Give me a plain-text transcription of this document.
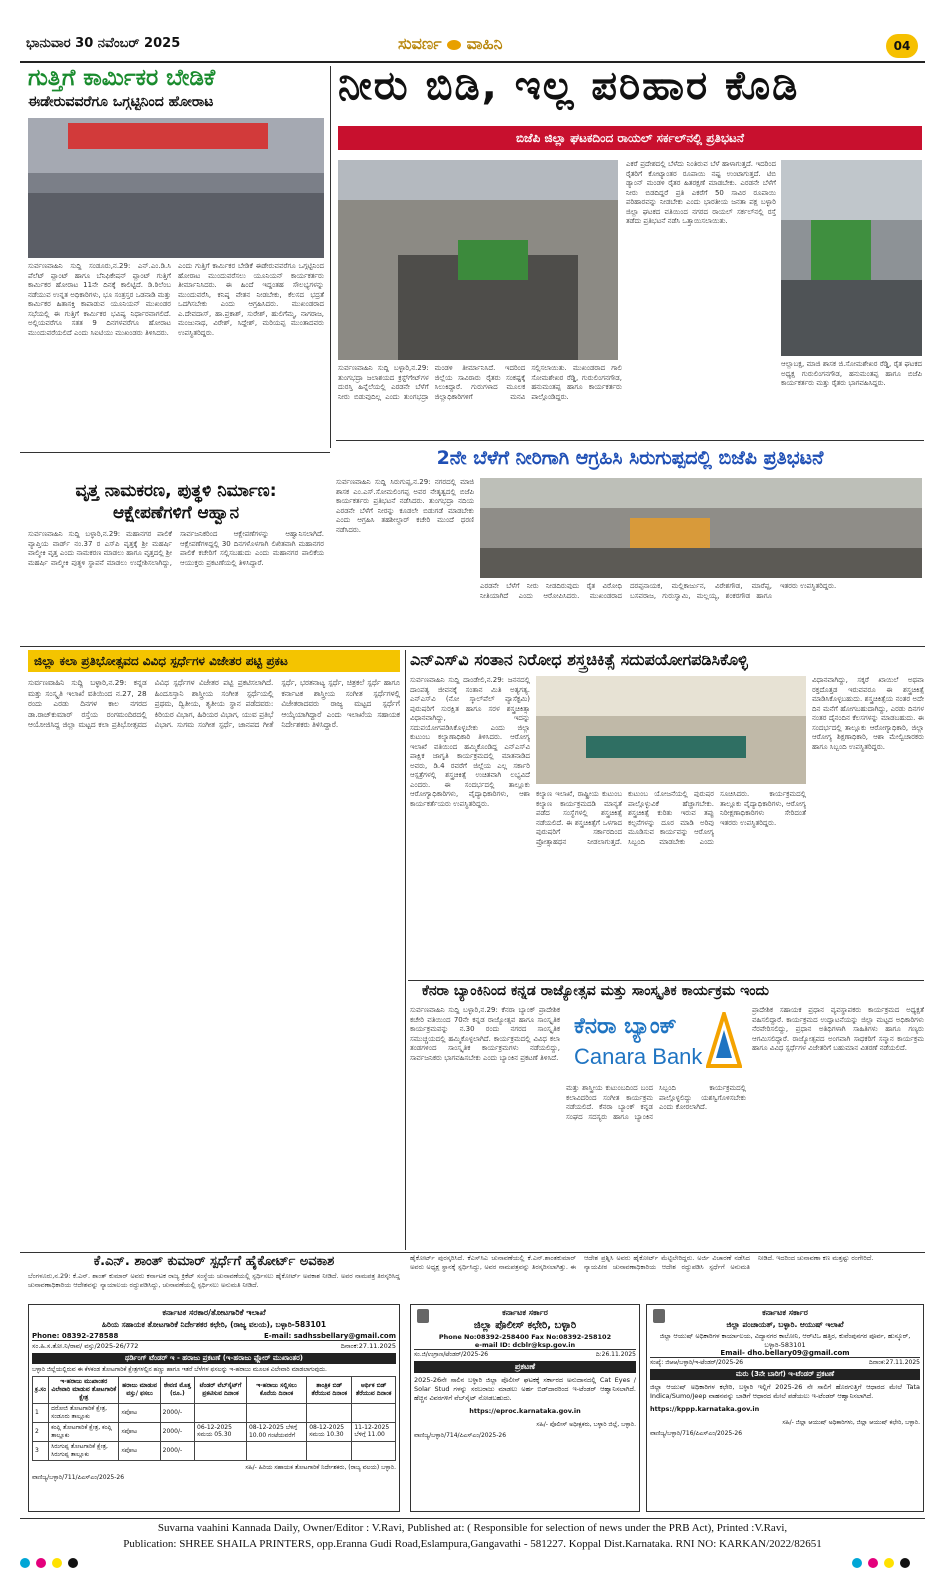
ಭಾನುವಾರ 30 ನವೆಂಬರ್ 2025	ಸುವರ್ಣ ವಾಹಿನಿ	04
ಗುತ್ತಿಗೆ ಕಾರ್ಮಿಕರ ಬೇಡಿಕೆ
ಈಡೇರುವವರೆಗೂ ಒಗ್ಗಟ್ಟಿನಿಂದ ಹೋರಾಟ
ಸುರ್ವಣವಾಹಿನಿ ಸುದ್ದಿ ಸಂಡೂರು,ನ.29: ಎನ್.ಎಂ.ಡಿ.ಸಿ ಪೆಲೆಟ್ ಪ್ಲಾಂಟ್ ಹಾಗೂ ಬೆನಿಫಿಕೇಷನ್ ಪ್ಲಾಂಟ್ ಗುತ್ತಿಗೆ ಕಾರ್ಮಿಕರ ಹೋರಾಟ 11ನೇ ದಿನಕ್ಕೆ ಕಾಲಿಟ್ಟಿದೆ. ಡಿ.ಠಿಲೆಂಬ ನಡೆಯುವ ಉನ್ನತ ಅಧಿಕಾರಿಗಳು, ಭೂ ಸಂತ್ರಸ್ತರ ಒಡನಾಡಿ ಮತ್ತು ಕಾರ್ಮಿಕರ ಹಿತಾಸಕ್ತಿ ಕಾಪಾಡುವ ಯೂನಿಯನ್ ಮುಖಂಡರ ಸಭೆಯಲ್ಲಿ ಈ ಗುತ್ತಿಗೆ ಕಾರ್ಮಿಕರ ಭವಿಷ್ಯ ನಿರ್ಧಾರವಾಗಲಿದೆ. ಅಲ್ಲಿಯವರೆಗೂ ಸತತ 9 ದಿನಗಳವರೆಗೂ ಹೋರಾಟ ಮುಂದುವರೆಯಲಿದೆ ಎಂದು ಸಿಐಟಿಯು ಮುಖಂಡರು ತಿಳಿಸಿದರು.
ಎಂದು ಗುತ್ತಿಗೆ ಕಾರ್ಮಿಕರ ಬೇಡಿಕೆ ಈಡೇರುವವರೆಗೂ ಒಗ್ಗಟ್ಟಿನಿಂದ ಹೋರಾಟ ಮುಂದುವರೆಸಲು ಯೂನಿಯನ್ ಕಾರ್ಯಕರ್ತರು ತೀರ್ಮಾನಿಸಿದರು. ಈ ಹಿಂದೆ ಇದ್ದಂತಹ ಸೌಲಭ್ಯಗಳನ್ನು ಮುಂದುವರೆಸಿ, ಕನಿಷ್ಠ ವೇತನ ನೀಡಬೇಕು, ಕೆಲಸದ ಭದ್ರತೆ ಒದಗಿಸಬೇಕು ಎಂದು ಆಗ್ರಹಿಸಿದರು. ಮುಖಂಡರಾದ ಎ.ದೇವದಾಸ್, ಹಾ.ಪ್ರಕಾಶ್, ಸುರೇಶ್, ಹುಲಿಗೆಮ್ಮ, ನಾಗರಾಜ, ಮಂಜುನಾಥ, ವಿರೇಶ್, ಸಿದ್ದೇಶ್, ಮರಿಯಪ್ಪ ಮುಂತಾದವರು ಉಪಸ್ಥಿತರಿದ್ದರು.
ನೀರು ಬಿಡಿ, ಇಲ್ಲ ಪರಿಹಾರ ಕೊಡಿ
ಬಿಜೆಪಿ ಜಿಲ್ಲಾ ಘಟಕದಿಂದ ರಾಯಲ್ ಸರ್ಕಲ್‌ನಲ್ಲಿ ಪ್ರತಿಭಟನೆ
ಎಕರೆ ಪ್ರದೇಶದಲ್ಲಿ ಬೆಳೆದು ನಿಂತಿರುವ ಬೆಳೆ ಹಾಳಾಗುತ್ತದೆ. ಇದರಿಂದ ರೈತರಿಗೆ ಕೋಟ್ಯಾಂತರ ರೂಪಾಯಿ ನಷ್ಟ ಉಂಟಾಗುತ್ತದೆ. ಟಿಬಿ ಡ್ಯಾಂನ್ ಮಂಡಳಿ ರೈತರ ಹಿತರಕ್ಷಣೆ ಮಾಡಬೇಕು. ಎರಡನೇ ಬೆಳೆಗೆ ನೀರು ಬಿಡದಿದ್ದರೆ ಪ್ರತಿ ಎಕರೆಗೆ 50 ಸಾವಿರ ರೂಪಾಯಿ ಪರಿಹಾರವನ್ನು ನೀಡಬೇಕು ಎಂದು ಭಾರತೀಯ ಜನತಾ ಪಕ್ಷ ಬಳ್ಳಾರಿ ಜಿಲ್ಲಾ ಘಟಕದ ವತಿಯಿಂದ ನಗರದ ರಾಯಲ್ ಸರ್ಕಲ್‌ನಲ್ಲಿ ರಸ್ತೆ ತಡೆದು ಪ್ರತಿಭಟನೆ ನಡೆಸಿ ಒತ್ತಾಯಿಸಲಾಯಿತು.
ಸುರ್ವಣವಾಹಿನಿ ಸುದ್ದಿ ಬಳ್ಳಾರಿ,ನ.29: ತುಂಗಭದ್ರಾ ಜಲಾಶಯದ ಕ್ರಸ್ಟ್‌ಗೇಟ್‌ಗಳ ದುರಸ್ತಿ ಹಿನ್ನೆಲೆಯಲ್ಲಿ ಎರಡನೇ ಬೆಳೆಗೆ ನೀರು ಬಿಡುವುದಿಲ್ಲ ಎಂದು ತುಂಗಭದ್ರಾ ಮಂಡಳಿ ತೀರ್ಮಾನಿಸಿದೆ. ಇದರಿಂದ ಜಿಲ್ಲೆಯ ಸಾವಿರಾರು ರೈತರು ಸಂಕಷ್ಟಕ್ಕೆ ಸಿಲುಕಿದ್ದಾರೆ. ಗುರುಗಳಾದ ಮೂಲಕ ಜಿಲ್ಲಾಧಿಕಾರಿಗಳಿಗೆ ಮನವಿ ಸಲ್ಲಿಸಲಾಯಿತು. ಮುಖಂಡರಾದ ಗಾಲಿ ಸೋಮಶೇಖರ ರೆಡ್ಡಿ, ಗುರುಲಿಂಗನಗೌಡ, ಹನುಮಂತಪ್ಪ ಹಾಗೂ ಕಾರ್ಯಕರ್ತರು ಪಾಲ್ಗೊಂಡಿದ್ದರು.
ಆಲ್ಲಾಬಕ್ಷ, ಮಾಜಿ ಶಾಸಕ ಜಿ.ಸೋಮಶೇಖರ ರೆಡ್ಡಿ, ರೈತ ಘಟಕದ ಅಧ್ಯಕ್ಷ ಗುರುಲಿಂಗನಗೌಡ, ಹನುಮಂತಪ್ಪ ಹಾಗೂ ಬಿಜೆಪಿ ಕಾರ್ಯಕರ್ತರು ಮತ್ತು ರೈತರು ಭಾಗವಹಿಸಿದ್ದರು.
2ನೇ ಬೆಳೆಗೆ ನೀರಿಗಾಗಿ ಆಗ್ರಹಿಸಿ ಸಿರುಗುಪ್ಪದಲ್ಲಿ ಬಿಜೆಪಿ ಪ್ರತಿಭಟನೆ
ಸುರ್ವಣವಾಹಿನಿ ಸುದ್ದಿ ಸಿರುಗುಪ್ಪ,ನ.29: ನಗರದಲ್ಲಿ ಮಾಜಿ ಶಾಸಕ ಎಂ.ಎಸ್.ಸೋಮಲಿಂಗಪ್ಪ ಅವರ ನೇತೃತ್ವದಲ್ಲಿ ಬಿಜೆಪಿ ಕಾರ್ಯಕರ್ತರು ಪ್ರತಿಭಟನೆ ನಡೆಸಿದರು. ತುಂಗಭದ್ರಾ ನದಿಯ ಎರಡನೇ ಬೆಳೆಗೆ ನೀರನ್ನು ಕೂಡಲೇ ಬಿಡುಗಡೆ ಮಾಡಬೇಕು ಎಂದು ಆಗ್ರಹಿಸಿ ತಹಶೀಲ್ದಾರ್ ಕಚೇರಿ ಮುಂದೆ ಧರಣಿ ನಡೆಸಿದರು.
ಎರಡನೇ ಬೆಳೆಗೆ ನೀರು ನೀಡದಿರುವುದು ರೈತ ವಿರೋಧಿ ನೀತಿಯಾಗಿದೆ ಎಂದು ಆರೋಪಿಸಿದರು. ಮುಖಂಡರಾದ ದರಪ್ಪನಾಯಕ, ಮಲ್ಲಿಕಾರ್ಜುನ, ವಿರೇಶಗೌಡ, ಮಾರೆಪ್ಪ, ಬಸವರಾಜ, ಗುರುಸ್ವಾಮಿ, ಮಲ್ಲಯ್ಯ, ಶಂಕರಗೌಡ ಹಾಗೂ ಇತರರು ಉಪಸ್ಥಿತರಿದ್ದರು.
ವೃತ್ತ ನಾಮಕರಣ, ಪುತ್ಥಳಿ ನಿರ್ಮಾಣ:
ಆಕ್ಷೇಪಣೆಗಳಿಗೆ ಆಹ್ವಾನ
ಸುರ್ವಣವಾಹಿನಿ ಸುದ್ದಿ ಬಳ್ಳಾರಿ,ನ.29: ಮಹಾನಗರ ಪಾಲಿಕೆ ವ್ಯಾಪ್ತಿಯ ವಾರ್ಡ್ ನಂ.37 ರ ಎಸ್‌ಪಿ ವೃತ್ತಕ್ಕೆ ಶ್ರೀ ಮಹರ್ಷಿ ವಾಲ್ಮೀಕಿ ವೃತ್ತ ಎಂದು ನಾಮಕರಣ ಮಾಡಲು ಹಾಗೂ ವೃತ್ತದಲ್ಲಿ ಶ್ರೀ ಮಹರ್ಷಿ ವಾಲ್ಮೀಕಿ ಪುತ್ಥಳಿ ಸ್ಥಾಪನೆ ಮಾಡಲು ಉದ್ದೇಶಿಸಲಾಗಿದ್ದು, ಸಾರ್ವಜನಿಕರಿಂದ ಆಕ್ಷೇಪಣೆಗಳನ್ನು ಆಹ್ವಾನಿಸಲಾಗಿದೆ. ಆಕ್ಷೇಪಣೆಗಳಿದ್ದಲ್ಲಿ 30 ದಿನಗಳೊಳಗಾಗಿ ಲಿಖಿತವಾಗಿ ಮಹಾನಗರ ಪಾಲಿಕೆ ಕಚೇರಿಗೆ ಸಲ್ಲಿಸಬಹುದು ಎಂದು ಮಹಾನಗರ ಪಾಲಿಕೆಯ ಆಯುಕ್ತರು ಪ್ರಕಟಣೆಯಲ್ಲಿ ತಿಳಿಸಿದ್ದಾರೆ.
ಜಿಲ್ಲಾ ಕಲಾ ಪ್ರತಿಭೋತ್ಸವದ ವಿವಿಧ ಸ್ಪರ್ಧೆಗಳ ವಿಜೇತರ ಪಟ್ಟಿ ಪ್ರಕಟ
ಸುರ್ವಣವಾಹಿನಿ ಸುದ್ದಿ ಬಳ್ಳಾರಿ,ನ.29: ಕನ್ನಡ ಮತ್ತು ಸಂಸ್ಕೃತಿ ಇಲಾಖೆ ವತಿಯಿಂದ ನ.27, 28 ರಂದು ಎರಡು ದಿನಗಳ ಕಾಲ ನಗರದ ಡಾ.ರಾಜ್‌ಕುಮಾರ್ ರಸ್ತೆಯ ರಂಗಮಂದಿರದಲ್ಲಿ ಆಯೋಜಿಸಿದ್ದ ಜಿಲ್ಲಾ ಮಟ್ಟದ ಕಲಾ ಪ್ರತಿಭೋತ್ಸವದ ವಿವಿಧ ಸ್ಪರ್ಧೆಗಳ ವಿಜೇತರ ಪಟ್ಟಿ ಪ್ರಕಟಿಸಲಾಗಿದೆ. ಹಿಂದೂಸ್ತಾನಿ ಶಾಸ್ತ್ರೀಯ ಸಂಗೀತ ಸ್ಪರ್ಧೆಯಲ್ಲಿ ಪ್ರಥಮ, ದ್ವಿತೀಯ, ತೃತೀಯ ಸ್ಥಾನ ಪಡೆದವರು: ಕಿರಿಯರ ವಿಭಾಗ, ಹಿರಿಯರ ವಿಭಾಗ, ಯುವ ಪ್ರತಿಭೆ ವಿಭಾಗ. ಸುಗಮ ಸಂಗೀತ ಸ್ಪರ್ಧೆ, ಜಾನಪದ ಗೀತೆ ಸ್ಪರ್ಧೆ, ಭರತನಾಟ್ಯ ಸ್ಪರ್ಧೆ, ಚಿತ್ರಕಲೆ ಸ್ಪರ್ಧೆ ಹಾಗೂ ಕರ್ನಾಟಕ ಶಾಸ್ತ್ರೀಯ ಸಂಗೀತ ಸ್ಪರ್ಧೆಗಳಲ್ಲಿ ವಿಜೇತರಾದವರು ರಾಜ್ಯ ಮಟ್ಟದ ಸ್ಪರ್ಧೆಗೆ ಆಯ್ಕೆಯಾಗಿದ್ದಾರೆ ಎಂದು ಇಲಾಖೆಯ ಸಹಾಯಕ ನಿರ್ದೇಶಕರು ತಿಳಿಸಿದ್ದಾರೆ.
ಎನ್‌ಎಸ್‌ವಿ ಸಂತಾನ ನಿರೋಧ ಶಸ್ತ್ರಚಿಕಿತ್ಸೆ ಸದುಪಯೋಗಪಡಿಸಿಕೊಳ್ಳಿ
ಸುರ್ವಣವಾಹಿನಿ ಸುದ್ದಿ ದಾಂಡೇಲಿ,ನ.29: ಜನನದಲ್ಲಿ ದಾಂಪತ್ಯ ಜೀವನಕ್ಕೆ ಸಂತಾನ ಮಿತಿ ಅತ್ಯಗತ್ಯ. ಎನ್‌ಎಸ್‌ವಿ (ನೋ ಸ್ಕಾಲ್‌ಪೆಲ್ ವ್ಯಾಸೆಕ್ಟಮಿ) ಪುರುಷರಿಗೆ ಸುರಕ್ಷಿತ ಹಾಗೂ ಸರಳ ಶಸ್ತ್ರಚಿಕಿತ್ಸಾ ವಿಧಾನವಾಗಿದ್ದು, ಇದನ್ನು ಸದುಪಯೋಗಪಡಿಸಿಕೊಳ್ಳಬೇಕು ಎಂದು ಜಿಲ್ಲಾ ಕುಟುಂಬ ಕಲ್ಯಾಣಾಧಿಕಾರಿ ತಿಳಿಸಿದರು. ಆರೋಗ್ಯ ಇಲಾಖೆ ವತಿಯಿಂದ ಹಮ್ಮಿಕೊಂಡಿದ್ದ ಎನ್‌ಎಸ್‌ವಿ ಪಾಕ್ಷಿಕ ಜಾಗೃತಿ ಕಾರ್ಯಕ್ರಮದಲ್ಲಿ ಮಾತನಾಡಿದ ಅವರು, ಡಿ.4 ರವರೆಗೆ ಜಿಲ್ಲೆಯ ಎಲ್ಲ ಸರ್ಕಾರಿ ಆಸ್ಪತ್ರೆಗಳಲ್ಲಿ ಶಸ್ತ್ರಚಿಕಿತ್ಸೆ ಉಚಿತವಾಗಿ ಲಭ್ಯವಿದೆ ಎಂದರು. ಈ ಸಂದರ್ಭದಲ್ಲಿ ತಾಲ್ಲೂಕು ಆರೋಗ್ಯಾಧಿಕಾರಿಗಳು, ವೈದ್ಯಾಧಿಕಾರಿಗಳು, ಆಶಾ ಕಾರ್ಯಕರ್ತೆಯರು ಉಪಸ್ಥಿತರಿದ್ದರು.
ಕಲ್ಯಾಣ ಇಲಾಖೆ, ರಾಷ್ಟ್ರೀಯ ಕುಟುಂಬ ಕಲ್ಯಾಣ ಕಾರ್ಯಕ್ರಮದಡಿ ಮಾನ್ಯತೆ ಪಡೆದ ಸಂಸ್ಥೆಗಳಲ್ಲಿ ಶಸ್ತ್ರಚಿಕಿತ್ಸೆ ನಡೆಯಲಿದೆ. ಈ ಶಸ್ತ್ರಚಿಕಿತ್ಸೆಗೆ ಒಳಗಾದ ಪುರುಷರಿಗೆ ಸರ್ಕಾರದಿಂದ ಪ್ರೋತ್ಸಾಹಧನ ನೀಡಲಾಗುತ್ತದೆ. ಕುಟುಂಬ ಯೋಜನೆಯಲ್ಲಿ ಪುರುಷರ ಪಾಲ್ಗೊಳ್ಳುವಿಕೆ ಹೆಚ್ಚಾಗಬೇಕು. ಶಸ್ತ್ರಚಿಕಿತ್ಸೆ ಕುರಿತು ಇರುವ ತಪ್ಪು ಕಲ್ಪನೆಗಳನ್ನು ದೂರ ಮಾಡಿ ಅರಿವು ಮೂಡಿಸುವ ಕಾರ್ಯವನ್ನು ಆರೋಗ್ಯ ಸಿಬ್ಬಂದಿ ಮಾಡಬೇಕು ಎಂದು ಸೂಚಿಸಿದರು. ಕಾರ್ಯಕ್ರಮದಲ್ಲಿ ತಾಲ್ಲೂಕು ವೈದ್ಯಾಧಿಕಾರಿಗಳು, ಆರೋಗ್ಯ ನಿರೀಕ್ಷಣಾಧಿಕಾರಿಗಳು ಸೇರಿದಂತೆ ಇತರರು ಉಪಸ್ಥಿತರಿದ್ದರು.
ವಿಧಾನವಾಗಿದ್ದು, ಸಕ್ಕರೆ ಖಾಯಿಲೆ ಅಥವಾ ರಕ್ತದೊತ್ತಡ ಇರುವವರೂ ಈ ಶಸ್ತ್ರಚಿಕಿತ್ಸೆ ಮಾಡಿಸಿಕೊಳ್ಳಬಹುದು. ಶಸ್ತ್ರಚಿಕಿತ್ಸೆಯ ನಂತರ ಅದೇ ದಿನ ಮನೆಗೆ ಹೋಗಬಹುದಾಗಿದ್ದು, ಎರಡು ದಿನಗಳ ನಂತರ ದೈನಂದಿನ ಕೆಲಸಗಳನ್ನು ಮಾಡಬಹುದು. ಈ ಸಂದರ್ಭದಲ್ಲಿ ತಾಲ್ಲೂಕು ಆರೋಗ್ಯಾಧಿಕಾರಿ, ಜಿಲ್ಲಾ ಆರೋಗ್ಯ ಶಿಕ್ಷಣಾಧಿಕಾರಿ, ಆಶಾ ಮೇಲ್ವಿಚಾರಕರು ಹಾಗೂ ಸಿಬ್ಬಂದಿ ಉಪಸ್ಥಿತರಿದ್ದರು.
ಕೆನರಾ ಬ್ಯಾಂಕಿನಿಂದ ಕನ್ನಡ ರಾಜ್ಯೋತ್ಸವ ಮತ್ತು ಸಾಂಸ್ಕೃತಿಕ ಕಾರ್ಯಕ್ರಮ ಇಂದು
ಸುರ್ವಣವಾಹಿನಿ ಸುದ್ದಿ ಬಳ್ಳಾರಿ,ನ.29: ಕೆನರಾ ಬ್ಯಾಂಕ್ ಪ್ರಾದೇಶಿಕ ಕಚೇರಿ ವತಿಯಿಂದ 70ನೇ ಕನ್ನಡ ರಾಜ್ಯೋತ್ಸವ ಹಾಗೂ ಸಾಂಸ್ಕೃತಿಕ ಕಾರ್ಯಕ್ರಮವನ್ನು ನ.30 ರಂದು ನಗರದ ಸಾಂಸ್ಕೃತಿಕ ಸಮುಚ್ಚಯದಲ್ಲಿ ಹಮ್ಮಿಕೊಳ್ಳಲಾಗಿದೆ. ಕಾರ್ಯಕ್ರಮದಲ್ಲಿ ವಿವಿಧ ಕಲಾ ತಂಡಗಳಿಂದ ಸಾಂಸ್ಕೃತಿಕ ಕಾರ್ಯಕ್ರಮಗಳು ನಡೆಯಲಿದ್ದು, ಸಾರ್ವಜನಿಕರು ಭಾಗವಹಿಸಬೇಕು ಎಂದು ಬ್ಯಾಂಕಿನ ಪ್ರಕಟಣೆ ತಿಳಿಸಿದೆ.
ಕೆನರಾ ಬ್ಯಾಂಕ್
Canara Bank
ಮತ್ತು ಶಾಸ್ತ್ರೀಯ ಕುಟುಂಬದಿಂದ ಬಂದ ಕಲಾವಿದರಿಂದ ಸಂಗೀತ ಕಾರ್ಯಕ್ರಮ ನಡೆಯಲಿದೆ. ಕೆನರಾ ಬ್ಯಾಂಕ್ ಕನ್ನಡ ಸಂಘದ ಸದಸ್ಯರು ಹಾಗೂ ಬ್ಯಾಂಕಿನ ಸಿಬ್ಬಂದಿ ಕಾರ್ಯಕ್ರಮದಲ್ಲಿ ಪಾಲ್ಗೊಳ್ಳಲಿದ್ದು ಯಶಸ್ವಿಗೊಳಿಸಬೇಕು ಎಂದು ಕೋರಲಾಗಿದೆ.
ಪ್ರಾದೇಶಿಕ ಸಹಾಯಕ ಪ್ರಧಾನ ವ್ಯವಸ್ಥಾಪಕರು ಕಾರ್ಯಕ್ರಮದ ಅಧ್ಯಕ್ಷತೆ ವಹಿಸಲಿದ್ದಾರೆ. ಕಾರ್ಯಕ್ರಮದ ಉದ್ಘಾಟನೆಯನ್ನು ಜಿಲ್ಲಾ ಮಟ್ಟದ ಅಧಿಕಾರಿಗಳು ನೆರವೇರಿಸಲಿದ್ದು, ಪ್ರಧಾನ ಅತಿಥಿಗಳಾಗಿ ಸಾಹಿತಿಗಳು ಹಾಗೂ ಗಣ್ಯರು ಆಗಮಿಸಲಿದ್ದಾರೆ. ರಾಜ್ಯೋತ್ಸವದ ಅಂಗವಾಗಿ ಸಾಧಕರಿಗೆ ಸನ್ಮಾನ ಕಾರ್ಯಕ್ರಮ ಹಾಗೂ ವಿವಿಧ ಸ್ಪರ್ಧೆಗಳ ವಿಜೇತರಿಗೆ ಬಹುಮಾನ ವಿತರಣೆ ನಡೆಯಲಿದೆ.
ಕೆ.ಎನ್. ಶಾಂತ್ ಕುಮಾರ್ ಸ್ಪರ್ಧೆಗೆ ಹೈಕೋರ್ಟ್ ಅವಕಾಶ
ಬೆಂಗಳೂರು,ನ.29: ಕೆ.ಎನ್. ಶಾಂತ್ ಕುಮಾರ್ ಅವರು ಕರ್ನಾಟಕ ರಾಜ್ಯ ಕ್ರಿಕೆಟ್ ಸಂಸ್ಥೆಯ ಚುನಾವಣೆಯಲ್ಲಿ ಸ್ಪರ್ಧಿಸಲು ಹೈಕೋರ್ಟ್ ಅವಕಾಶ ನೀಡಿದೆ. ಅವರ ನಾಮಪತ್ರ ತಿರಸ್ಕರಿಸಿದ್ದ ಚುನಾವಣಾಧಿಕಾರಿಯ ಆದೇಶವನ್ನು ನ್ಯಾಯಾಲಯ ರದ್ದುಪಡಿಸಿದ್ದು, ಚುನಾವಣೆಯಲ್ಲಿ ಸ್ಪರ್ಧಿಸಲು ಅನುಮತಿ ನೀಡಿದೆ.
ಹೈಕೋರ್ಟ್ ಪುರಸ್ಕರಿಸಿದೆ. ಕೆಎಸ್‌ಸಿಎ ಚುನಾವಣೆಯಲ್ಲಿ ಕೆ.ಎನ್.ಶಾಂತಕುಮಾರ್ ಅವರು ಅಧ್ಯಕ್ಷ ಸ್ಥಾನಕ್ಕೆ ಸ್ಪರ್ಧಿಸಿದ್ದು, ಅವರ ನಾಮಪತ್ರವನ್ನು ತಿರಸ್ಕರಿಸಲಾಗಿತ್ತು. ಈ ಆದೇಶ ಪ್ರಶ್ನಿಸಿ ಅವರು ಹೈಕೋರ್ಟ್ ಮೆಟ್ಟಿಲೇರಿದ್ದರು. ಅರ್ಜಿ ವಿಚಾರಣೆ ನಡೆಸಿದ ನ್ಯಾಯಪೀಠ ಚುನಾವಣಾಧಿಕಾರಿಯ ಆದೇಶ ರದ್ದುಪಡಿಸಿ ಸ್ಪರ್ಧೆಗೆ ಅನುಮತಿ ನೀಡಿದೆ. ಇದರಿಂದ ಚುನಾವಣಾ ಕಣ ಮತ್ತಷ್ಟು ರಂಗೇರಿದೆ.
ಕರ್ನಾಟಕ ಸರಕಾರ/ತೋಟಗಾರಿಕೆ ಇಲಾಖೆ
ಹಿರಿಯ ಸಹಾಯಕ ತೋಟಗಾರಿಕೆ ನಿರ್ದೇಶಕರ ಕಛೇರಿ, (ರಾಜ್ಯ ವಲಯ), ಬಳ್ಳಾರಿ-583101
Phone: 08392-278588	E-mail: sadhssbellary@gmail.com
ಸಂ.ಹಿ.ಸ.ತೋ.ನಿ/ರಾವ/ ವಸ್ತು/2025-26/772	ದಿನಾಂಕ:27.11.2025
ಥರ್ಡಿಂಗ್ ಟೆಂಡರ್ ಇ - ಹರಾಜು ಪ್ರಕಟಣೆ (ಇ-ಹರಾಜು ಫ್ಲೋರ್ ಮುಖಾಂತರ)
ಬಳ್ಳಾರಿ ಜಿಲ್ಲೆಯಲ್ಲಿರುವ ಈ ಕೆಳಕಂಡ ತೋಟಗಾರಿಕೆ ಕ್ಷೇತ್ರಗಳಲ್ಲಿನ ಹಣ್ಣು ಹಾಗೂ ಇತರೆ ಬೆಳೆಗಳ ಫಸಲನ್ನು ಇ-ಹರಾಜು ಮೂಲಕ ವಿಲೇವಾರಿ ಮಾಡಲಾಗುವುದು.
ಕ್ರ.ಸಂ	ಇ-ಹರಾಜು ಮುಖಾಂತರ ವಿಲೇವಾರಿ ಮಾಡುವ ತೋಟಗಾರಿಕೆ ಕ್ಷೇತ್ರ	ಹರಾಜು ಮಾಡುವ ವಸ್ತು/ ಫಸಲು	ಠೇವಣಿ ಮೊತ್ತ (ರೂ.)	ಟೆಂಡರ್ ವೆಬ್‌ಸೈಟ್‌ಗೆ ಪ್ರಕಟಿಸುವ ದಿನಾಂಕ	ಇ-ಹರಾಜು ಸಲ್ಲಿಸಲು ಕೊನೆಯ ದಿನಾಂಕ	ತಾಂತ್ರಿಕ ಬಿಡ್ ತೆರೆಯುವ ದಿನಾಂಕ	ಆರ್ಥಿಕ ಬಿಡ್ ತೆರೆಯುವ ದಿನಾಂಕ
1	ದರೋಜಿ ತೋಟಗಾರಿಕೆ ಕ್ಷೇತ್ರ, ಸಂಡೂರು ತಾಲ್ಲೂಕು	ಸಪೋಟ	2000/-				
2	ಕಂಪ್ಲಿ ತೋಟಗಾರಿಕೆ ಕ್ಷೇತ್ರ, ಕಂಪ್ಲಿ ತಾಲ್ಲೂಕು	ಸಪೋಟ	2000/-	06-12-2025 ಸಮಯ 05.30	08-12-2025 ಬೆಳಿಗ್ಗೆ 10.00 ಗಂಟೆಯವರೆಗೆ	08-12-2025 ಸಮಯ 10.30	11-12-2025 ಬೆಳಿಗ್ಗೆ 11.00
3	ಸಿರುಗುಪ್ಪ ತೋಟಗಾರಿಕೆ ಕ್ಷೇತ್ರ, ಸಿರುಗುಪ್ಪ ತಾಲ್ಲೂಕು	ಸಪೋಟ	2000/-				
ಸಹಿ/- ಹಿರಿಯ ಸಹಾಯಕ ತೋಟಗಾರಿಕೆ ನಿರ್ದೇಶಕರು, (ರಾಜ್ಯ ವಲಯ) ಬಳ್ಳಾರಿ.
ವಾಣಿಜ್ಯ/ಬಳ್ಳಾರಿ/711/ಪಿಎಸ್‌ಎಂ/2025-26
ಕರ್ನಾಟಕ ಸರ್ಕಾರ
ಜಿಲ್ಲಾ ಪೊಲೀಸ್ ಕಛೇರಿ, ಬಳ್ಳಾರಿ
Phone No:08392-258400 Fax No:08392-258102
e-mail ID: dcblr@ksp.gov.in
ಸಂ.ಜಿ/ಉಗ್ರಾಣ/ಟೆಂಡರ್/2025-26	ದಿ:26.11.2025
ಪ್ರಕಟಣೆ
2025-26ನೇ ಸಾಲಿನ ಬಳ್ಳಾರಿ ಜಿಲ್ಲಾ ಪೊಲೀಸ್ ಘಟಕಕ್ಕೆ ಸರ್ಕಾರದ ಅನುದಾನದಲ್ಲಿ Cat Eyes / Solar Stud ಗಳನ್ನು ಸರಬರಾಜು ಮಾಡಲು ಅರ್ಹ ಬಿಡ್‌ದಾರರಿಂದ ಇ-ಟೆಂಡರ್ ಆಹ್ವಾನಿಸಲಾಗಿದೆ. ಹೆಚ್ಚಿನ ವಿವರಗಳಿಗೆ ವೆಬ್‌ಸೈಟ್ ನೋಡಬಹುದು.
https://eproc.karnataka.gov.in
ಸಹಿ/- ಪೊಲೀಸ್ ಅಧೀಕ್ಷಕರು, ಬಳ್ಳಾರಿ ಜಿಲ್ಲೆ, ಬಳ್ಳಾರಿ.
ವಾಣಿಜ್ಯ/ಬಳ್ಳಾರಿ/714/ಪಿಎಸ್‌ಎಂ/2025-26
ಕರ್ನಾಟಕ ಸರ್ಕಾರ
ಜಿಲ್ಲಾ ಪಂಚಾಯತ್, ಬಳ್ಳಾರಿ. ಆಯುಷ್ ಇಲಾಖೆ
ಜಿಲ್ಲಾ ಆಯುಷ್ ಅಧಿಕಾರಿಗಳ ಕಾರ್ಯಾಲಯ, ವಿದ್ಯಾನಗರ ಕಾಲೋನಿ, ಆರ್‌ಟಿಒ ಹತ್ತಿರ, ಕುವೆಂಪುನಗರ ಪೂರ್ವ, ಹುಸ್ಕೂರ್, ಬಳ್ಳಾರಿ-583101
Email- dho.bellary09@gmail.com
ಸಂಖ್ಯೆ: ಜಿಆಆ/ಬಳ್ಳಾರಿ/ಇ-ಟೆಂಡರ್/2025-26	ದಿನಾಂಕ:27.11.2025
ಮರು (3ನೇ ಬಾರಿಗೆ) ಇ-ಟೆಂಡರ್ ಪ್ರಕಟಣೆ
ಜಿಲ್ಲಾ ಆಯುಷ್ ಅಧಿಕಾರಿಗಳ ಕಛೇರಿ, ಬಳ್ಳಾರಿ ಇಲ್ಲಿಗೆ 2025-26 ನೇ ಸಾಲಿಗೆ ಹೊರಗುತ್ತಿಗೆ ಆಧಾರದ ಮೇಲೆ Tata Indica/Sumo/Jeep ವಾಹನವನ್ನು ಬಾಡಿಗೆ ಆಧಾರದ ಮೇಲೆ ಪಡೆಯಲು ಇ-ಟೆಂಡರ್ ಆಹ್ವಾನಿಸಲಾಗಿದೆ.
https://kppp.karnataka.gov.in
ಸಹಿ/- ಜಿಲ್ಲಾ ಆಯುಷ್ ಅಧಿಕಾರಿಗಳು, ಜಿಲ್ಲಾ ಆಯುಷ್ ಕಛೇರಿ, ಬಳ್ಳಾರಿ.
ವಾಣಿಜ್ಯ/ಬಳ್ಳಾರಿ/716/ಪಿಎಸ್‌ಎಂ/2025-26
Suvarna vaahini Kannada Daily, Owner/Editor : V.Ravi, Published at: ( Responsible for selection of news under the PRB Act), Printed :V.Ravi,
Publication: SHREE SHAILA PRINTERS, opp.Eranna Gudi Road,Eslampura,Gangavathi - 581227. Koppal Dist.Karnataka. RNI NO: KARKAN/2022/82651
